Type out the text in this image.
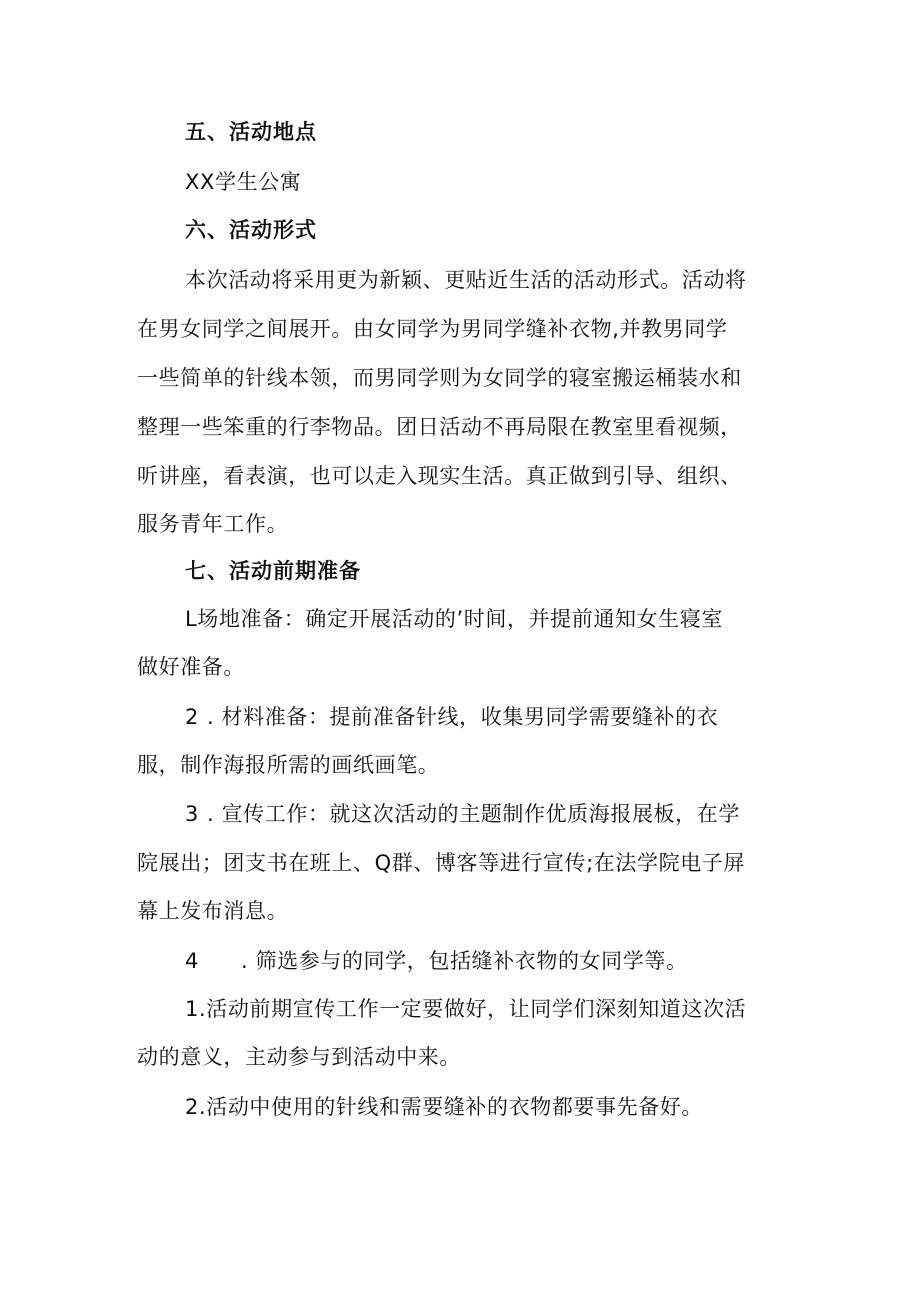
五、活动地点
XX学生公寓
六、活动形式
本次活动将采用更为新颖、更贴近生活的活动形式。活动将
在男女同学之间展开。由女同学为男同学缝补衣物,并教男同学
一些简单的针线本领，而男同学则为女同学的寝室搬运桶装水和
整理一些笨重的行李物品。团日活动不再局限在教室里看视频，
听讲座，看表演，也可以走入现实生活。真正做到引导、组织、
服务青年工作。
七、活动前期准备
L场地准备：确定开展活动的’时间，并提前通知女生寝室
做好准备。
2 . 材料准备：提前准备针线，收集男同学需要缝补的衣
服，制作海报所需的画纸画笔。
3 . 宣传工作：就这次活动的主题制作优质海报展板，在学
院展出；团支书在班上、Q群、博客等进行宣传;在法学院电子屏
幕上发布消息。
4 . 筛选参与的同学，包括缝补衣物的女同学等。
1.活动前期宣传工作一定要做好，让同学们深刻知道这次活
动的意义，主动参与到活动中来。
2.活动中使用的针线和需要缝补的衣物都要事先备好。
